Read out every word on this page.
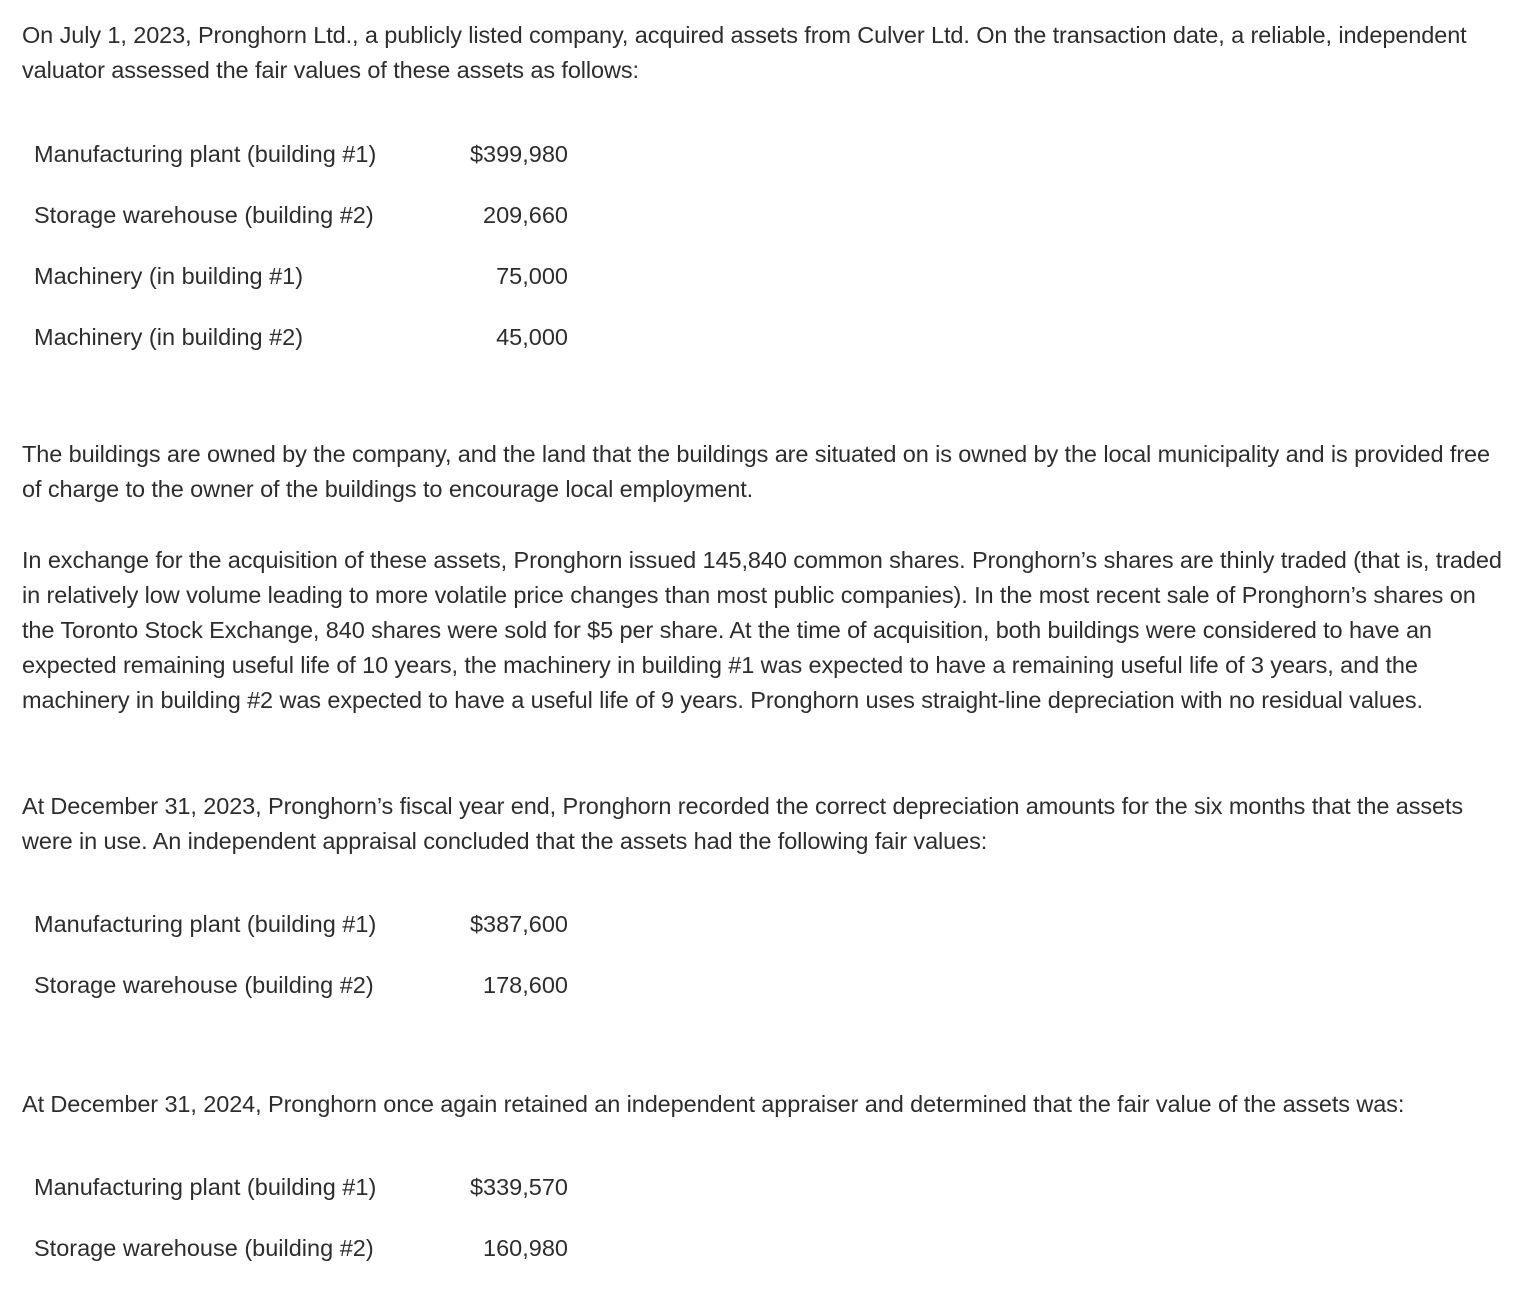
On July 1, 2023, Pronghorn Ltd., a publicly listed company, acquired assets from Culver Ltd. On the transaction date, a reliable, independent valuator assessed the fair values of these assets as follows:

Manufacturing plant (building #1)	$399,980
Storage warehouse (building #2)	209,660
Machinery (in building #1)	75,000
Machinery (in building #2)	45,000

The buildings are owned by the company, and the land that the buildings are situated on is owned by the local municipality and is provided free of charge to the owner of the buildings to encourage local employment.

In exchange for the acquisition of these assets, Pronghorn issued 145,840 common shares. Pronghorn’s shares are thinly traded (that is, traded in relatively low volume leading to more volatile price changes than most public companies). In the most recent sale of Pronghorn’s shares on the Toronto Stock Exchange, 840 shares were sold for $5 per share. At the time of acquisition, both buildings were considered to have an expected remaining useful life of 10 years, the machinery in building #1 was expected to have a remaining useful life of 3 years, and the machinery in building #2 was expected to have a useful life of 9 years. Pronghorn uses straight-line depreciation with no residual values.

At December 31, 2023, Pronghorn’s fiscal year end, Pronghorn recorded the correct depreciation amounts for the six months that the assets were in use. An independent appraisal concluded that the assets had the following fair values:

Manufacturing plant (building #1)	$387,600
Storage warehouse (building #2)	178,600

At December 31, 2024, Pronghorn once again retained an independent appraiser and determined that the fair value of the assets was:

Manufacturing plant (building #1)	$339,570
Storage warehouse (building #2)	160,980
